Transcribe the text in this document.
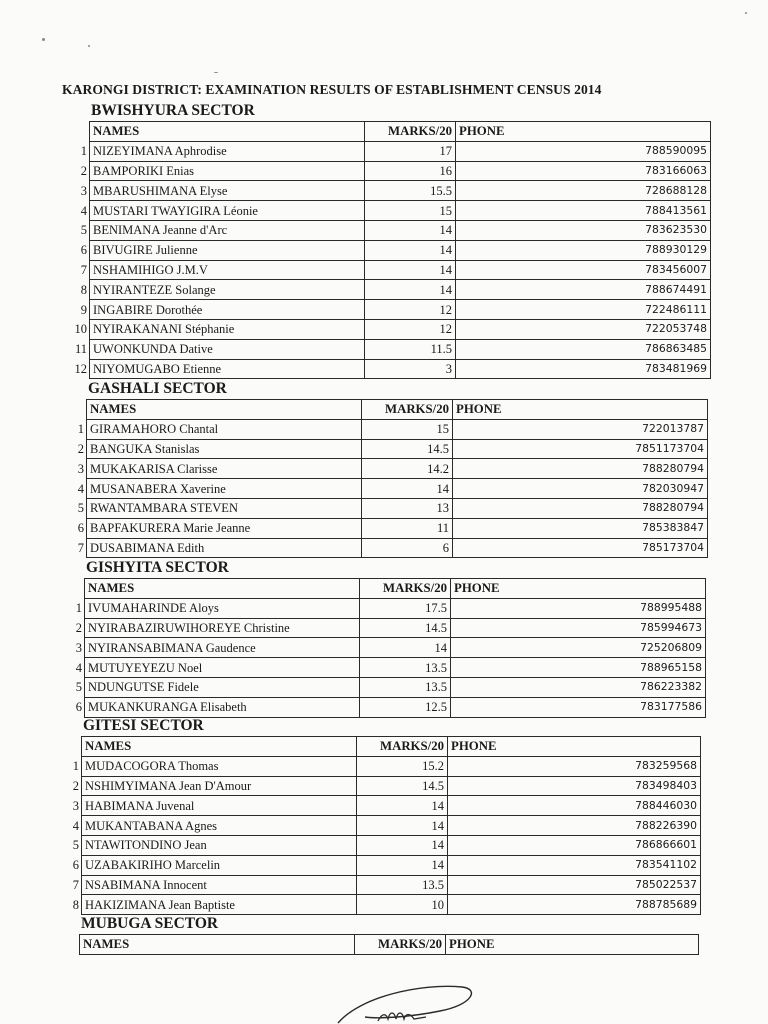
KARONGI DISTRICT: EXAMINATION RESULTS OF ESTABLISHMENT CENSUS 2014
BWISHYURA SECTOR
	NAMES	MARKS/20	PHONE
1	NIZEYIMANA Aphrodise	17	788590095
2	BAMPORIKI Enias	16	783166063
3	MBARUSHIMANA Elyse	15.5	728688128
4	MUSTARI TWAYIGIRA Léonie	15	788413561
5	BENIMANA Jeanne d'Arc	14	783623530
6	BIVUGIRE Julienne	14	788930129
7	NSHAMIHIGO J.M.V	14	783456007
8	NYIRANTEZE Solange	14	788674491
9	INGABIRE Dorothée	12	722486111
10	NYIRAKANANI Stéphanie	12	722053748
11	UWONKUNDA Dative	11.5	786863485
12	NIYOMUGABO Etienne	3	783481969
GASHALI SECTOR
	NAMES	MARKS/20	PHONE
1	GIRAMAHORO Chantal	15	722013787
2	BANGUKA Stanislas	14.5	7851173704
3	MUKAKARISA Clarisse	14.2	788280794
4	MUSANABERA Xaverine	14	782030947
5	RWANTAMBARA STEVEN	13	788280794
6	BAPFAKURERA Marie Jeanne	11	785383847
7	DUSABIMANA Edith	6	785173704
GISHYITA SECTOR
	NAMES	MARKS/20	PHONE
1	IVUMAHARINDE Aloys	17.5	788995488
2	NYIRABAZIRUWIHOREYE Christine	14.5	785994673
3	NYIRANSABIMANA Gaudence	14	725206809
4	MUTUYEYEZU Noel	13.5	788965158
5	NDUNGUTSE Fidele	13.5	786223382
6	MUKANKURANGA Elisabeth	12.5	783177586
GITESI SECTOR
	NAMES	MARKS/20	PHONE
1	MUDACOGORA Thomas	15.2	783259568
2	NSHIMYIMANA Jean D'Amour	14.5	783498403
3	HABIMANA Juvenal	14	788446030
4	MUKANTABANA Agnes	14	788226390
5	NTAWITONDINO Jean	14	786866601
6	UZABAKIRIHO Marcelin	14	783541102
7	NSABIMANA Innocent	13.5	785022537
8	HAKIZIMANA Jean Baptiste	10	788785689
MUBUGA SECTOR
	NAMES	MARKS/20	PHONE
